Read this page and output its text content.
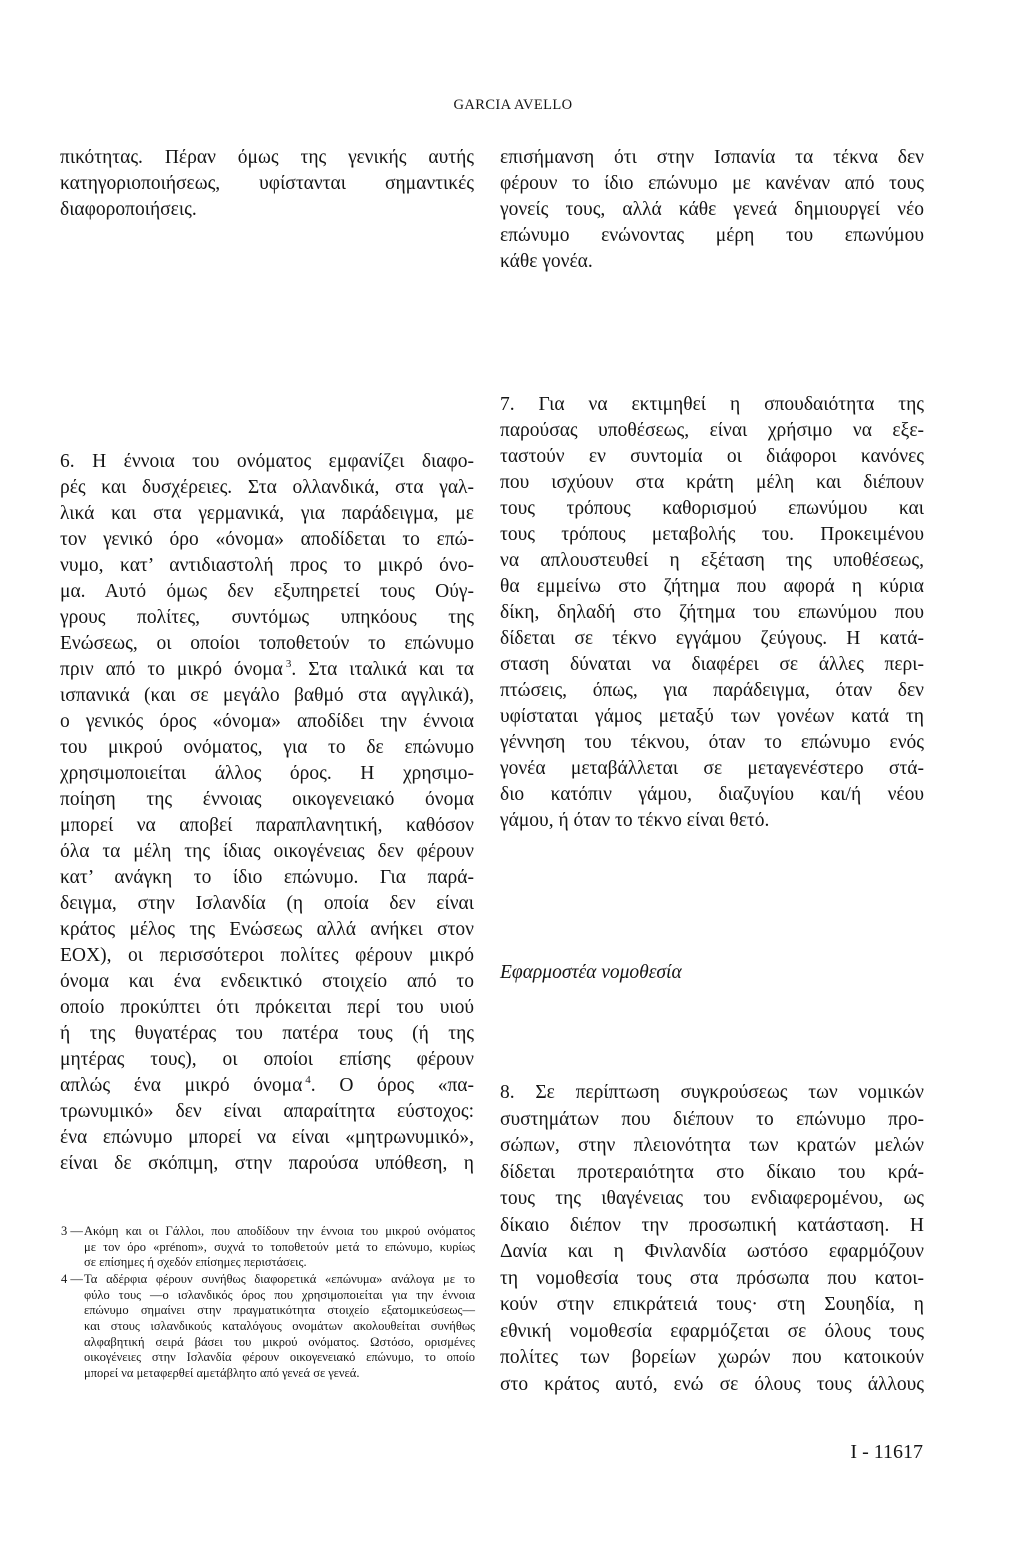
GARCIA AVELLO
πικότητας. Πέραν όμως της γενικής αυτής
κατηγοριοποιήσεως, υφίστανται σημαντικές
διαφοροποιήσεις.
6. Η έννοια του ονόματος εμφανίζει διαφο-
ρές και δυσχέρειες. Στα ολλανδικά, στα γαλ-
λικά και στα γερμανικά, για παράδειγμα, με
τον γενικό όρο «όνομα» αποδίδεται το επώ-
νυμο, κατ’ αντιδιαστολή προς το μικρό όνο-
μα. Αυτό όμως δεν εξυπηρετεί τους Ούγ-
γρους πολίτες, συντόμως υπηκόους της
Ενώσεως, οι οποίοι τοποθετούν το επώνυμο
πριν από το μικρό όνομα $^3$. Στα ιταλικά και τα
ισπανικά (και σε μεγάλο βαθμό στα αγγλικά),
ο γενικός όρος «όνομα» αποδίδει την έννοια
του μικρού ονόματος, για το δε επώνυμο
χρησιμοποιείται άλλος όρος. Η χρησιμο-
ποίηση της έννοιας οικογενειακό όνομα
μπορεί να αποβεί παραπλανητική, καθόσον
όλα τα μέλη της ίδιας οικογένειας δεν φέρουν
κατ’ ανάγκη το ίδιο επώνυμο. Για παρά-
δειγμα, στην Ισλανδία (η οποία δεν είναι
κράτος μέλος της Ενώσεως αλλά ανήκει στον
ΕΟΧ), οι περισσότεροι πολίτες φέρουν μικρό
όνομα και ένα ενδεικτικό στοιχείο από το
οποίο προκύπτει ότι πρόκειται περί του υιού
ή της θυγατέρας του πατέρα τους (ή της
μητέρας τους), οι οποίοι επίσης φέρουν
απλώς ένα μικρό όνομα $^4$. Ο όρος «πα-
τρωνυμικό» δεν είναι απαραίτητα εύστοχος:
ένα επώνυμο μπορεί να είναι «μητρωνυμικό»,
είναι δε σκόπιμη, στην παρούσα υπόθεση, η
επισήμανση ότι στην Ισπανία τα τέκνα δεν
φέρουν το ίδιο επώνυμο με κανέναν από τους
γονείς τους, αλλά κάθε γενεά δημιουργεί νέο
επώνυμο ενώνοντας μέρη του επωνύμου
κάθε γονέα.
7. Για να εκτιμηθεί η σπουδαιότητα της
παρούσας υποθέσεως, είναι χρήσιμο να εξε-
ταστούν εν συντομία οι διάφοροι κανόνες
που ισχύουν στα κράτη μέλη και διέπουν
τους τρόπους καθορισμού επωνύμου και
τους τρόπους μεταβολής του. Προκειμένου
να απλουστευθεί η εξέταση της υποθέσεως,
θα εμμείνω στο ζήτημα που αφορά η κύρια
δίκη, δηλαδή στο ζήτημα του επωνύμου που
δίδεται σε τέκνο εγγάμου ζεύγους. Η κατά-
σταση δύναται να διαφέρει σε άλλες περι-
πτώσεις, όπως, για παράδειγμα, όταν δεν
υφίσταται γάμος μεταξύ των γονέων κατά τη
γέννηση του τέκνου, όταν το επώνυμο ενός
γονέα μεταβάλλεται σε μεταγενέστερο στά-
διο κατόπιν γάμου, διαζυγίου και/ή νέου
γάμου, ή όταν το τέκνο είναι θετό.
Εφαρμοστέα νομοθεσία
8. Σε περίπτωση συγκρούσεως των νομικών
συστημάτων που διέπουν το επώνυμο προ-
σώπων, στην πλειονότητα των κρατών μελών
δίδεται προτεραιότητα στο δίκαιο του κρά-
τους της ιθαγένειας του ενδιαφερομένου, ως
δίκαιο διέπον την προσωπική κατάσταση. Η
Δανία και η Φινλανδία ωστόσο εφαρμόζουν
τη νομοθεσία τους στα πρόσωπα που κατοι-
κούν στην επικράτειά τους· στη Σουηδία, η
εθνική νομοθεσία εφαρμόζεται σε όλους τους
πολίτες των βορείων χωρών που κατοικούν
στο κράτος αυτό, ενώ σε όλους τους άλλους
3 — Ακόμη και οι Γάλλοι, που αποδίδουν την έννοια του μικρού ονόματος
με τον όρο «prénom», συχνά το τοποθετούν μετά το επώνυμο, κυρίως
σε επίσημες ή σχεδόν επίσημες περιστάσεις.
4 — Τα αδέρφια φέρουν συνήθως διαφορετικά «επώνυμα» ανάλογα με το
φύλο τους —ο ισλανδικός όρος που χρησιμοποιείται για την έννοια
επώνυμο σημαίνει στην πραγματικότητα στοιχείο εξατομικεύσεως—
και στους ισλανδικούς καταλόγους ονομάτων ακολουθείται συνήθως
αλφαβητική σειρά βάσει του μικρού ονόματος. Ωστόσο, ορισμένες
οικογένειες στην Ισλανδία φέρουν οικογενειακό επώνυμο, το οποίο
μπορεί να μεταφερθεί αμετάβλητο από γενεά σε γενεά.
I - 11617
